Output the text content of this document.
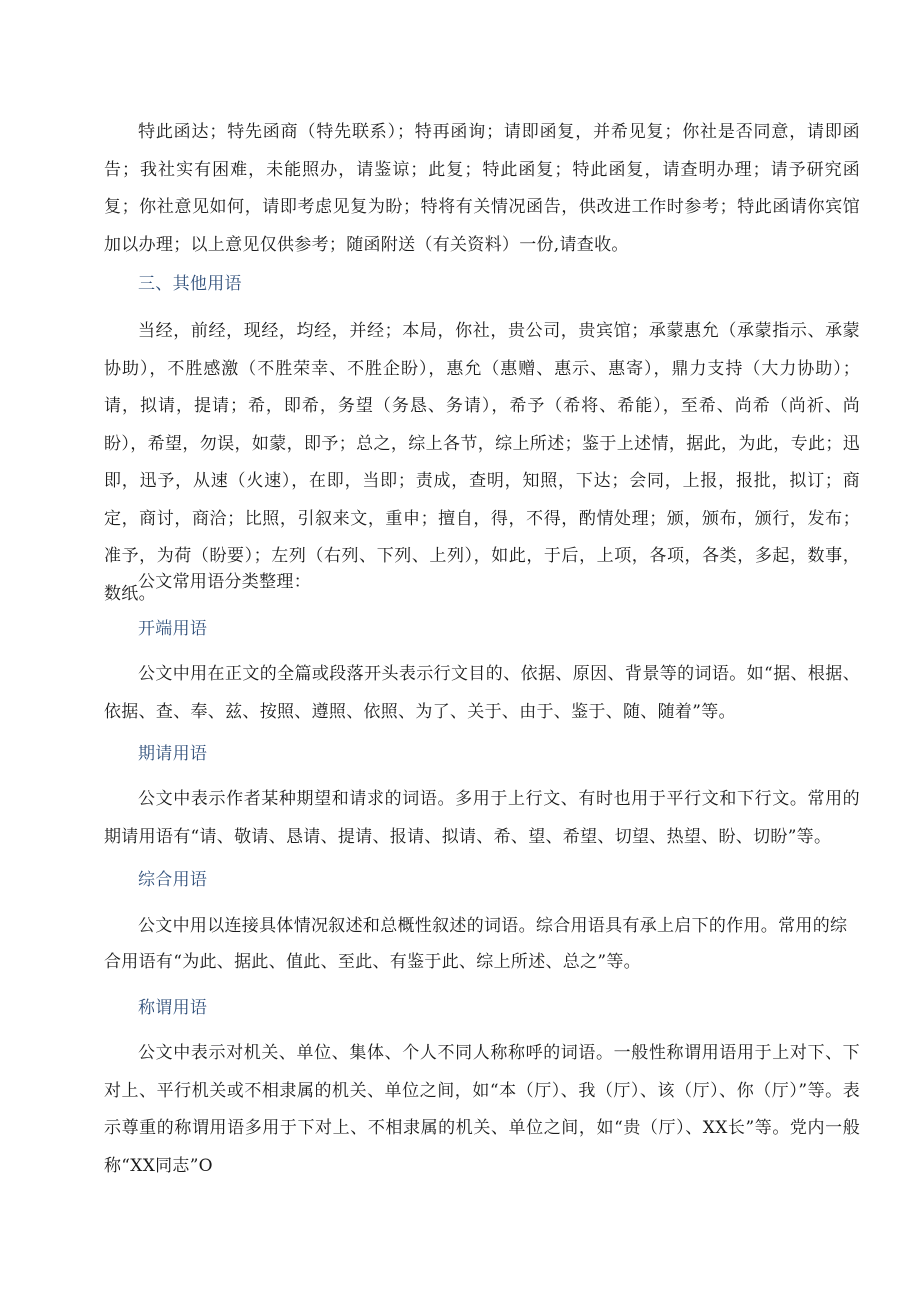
特此函达；特先函商（特先联系）；特再函询；请即函复，并希见复；你社是否同意，请即函告；我社实有困难，未能照办，请鉴谅；此复；特此函复；特此函复，请查明办理；请予研究函复；你社意见如何，请即考虑见复为盼；特将有关情况函告，供改进工作时参考；特此函请你宾馆加以办理；以上意见仅供参考；随函附送（有关资料）一份,请查收。

三、其他用语

当经，前经，现经，均经，并经；本局，你社，贵公司，贵宾馆；承蒙惠允（承蒙指示、承蒙协助），不胜感激（不胜荣幸、不胜企盼），惠允（惠赠、惠示、惠寄），鼎力支持（大力协助）；请，拟请，提请；希，即希，务望（务恳、务请），希予（希将、希能），至希、尚希（尚祈、尚盼），希望，勿误，如蒙，即予；总之，综上各节，综上所述；鉴于上述情，据此，为此，专此；迅即，迅予，从速（火速），在即，当即；责成，查明，知照，下达；会同，上报，报批，拟订；商定，商讨，商洽；比照，引叙来文，重申；擅自，得，不得，酌情处理；颁，颁布，颁行，发布；准予，为荷（盼要）；左列（右列、下列、上列），如此，于后，上项，各项，各类，多起，数事，数纸。

公文常用语分类整理：
开端用语

公文中用在正文的全篇或段落开头表示行文目的、依据、原因、背景等的词语。如“据、根据、依据、查、奉、兹、按照、遵照、依照、为了、关于、由于、鉴于、随、随着”等。

期请用语

公文中表示作者某种期望和请求的词语。多用于上行文、有时也用于平行文和下行文。常用的期请用语有“请、敬请、恳请、提请、报请、拟请、希、望、希望、切望、热望、盼、切盼”等。

综合用语
公文中用以连接具体情况叙述和总概性叙述的词语。综合用语具有承上启下的作用。常用的综
合用语有“为此、据此、值此、至此、有鉴于此、综上所述、总之”等。
称谓用语

公文中表示对机关、单位、集体、个人不同人称称呼的词语。一般性称谓用语用于上对下、下对上、平行机关或不相隶属的机关、单位之间，如“本（厅）、我（厅）、该（厅）、你（厅）”等。表示尊重的称谓用语多用于下对上、不相隶属的机关、单位之间，如“贵（厅）、XX长”等。党内一般称“XX同志”O
